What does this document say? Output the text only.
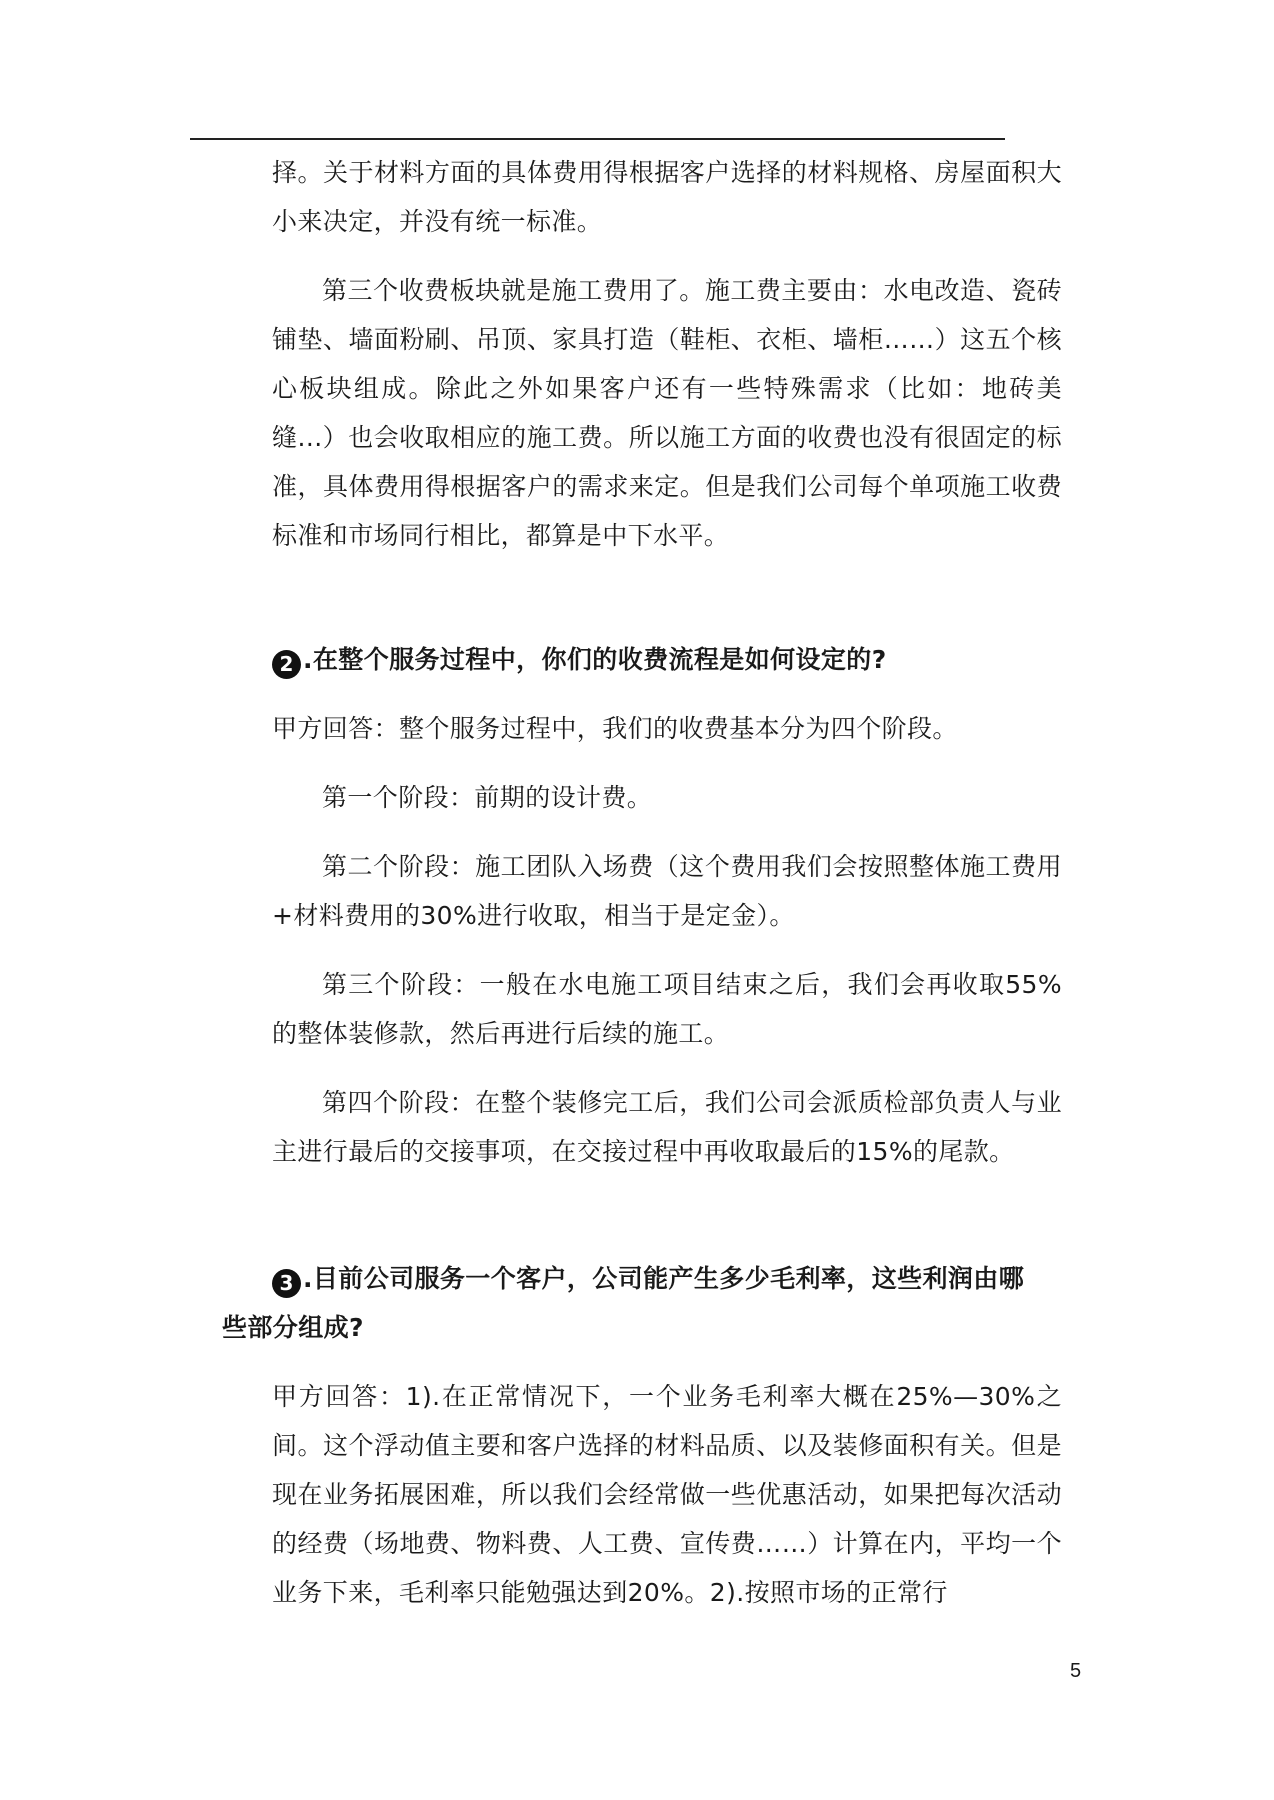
择。关于材料方面的具体费用得根据客户选择的材料规格、房屋面积大小来决定，并没有统一标准。

第三个收费板块就是施工费用了。施工费主要由：水电改造、瓷砖铺垫、墙面粉刷、吊顶、家具打造（鞋柜、衣柜、墙柜……）这五个核心板块组成。除此之外如果客户还有一些特殊需求（比如：地砖美缝...）也会收取相应的施工费。所以施工方面的收费也没有很固定的标准，具体费用得根据客户的需求来定。但是我们公司每个单项施工收费标准和市场同行相比，都算是中下水平。

2 .在整个服务过程中，你们的收费流程是如何设定的?

甲方回答：整个服务过程中，我们的收费基本分为四个阶段。

第一个阶段：前期的设计费。

第二个阶段：施工团队入场费（这个费用我们会按照整体施工费用+材料费用的30%进行收取，相当于是定金）。

第三个阶段：一般在水电施工项目结束之后，我们会再收取55%的整体装修款，然后再进行后续的施工。

第四个阶段：在整个装修完工后，我们公司会派质检部负责人与业主进行最后的交接事项，在交接过程中再收取最后的15%的尾款。

3 .目前公司服务一个客户，公司能产生多少毛利率，这些利润由哪
些部分组成?

甲方回答：1).在正常情况下，一个业务毛利率大概在25%—30%之间。这个浮动值主要和客户选择的材料品质、以及装修面积有关。但是现在业务拓展困难，所以我们会经常做一些优惠活动，如果把每次活动的经费（场地费、物料费、人工费、宣传费……）计算在内，平均一个业务下来，毛利率只能勉强达到20%。2).按照市场的正常行

5
